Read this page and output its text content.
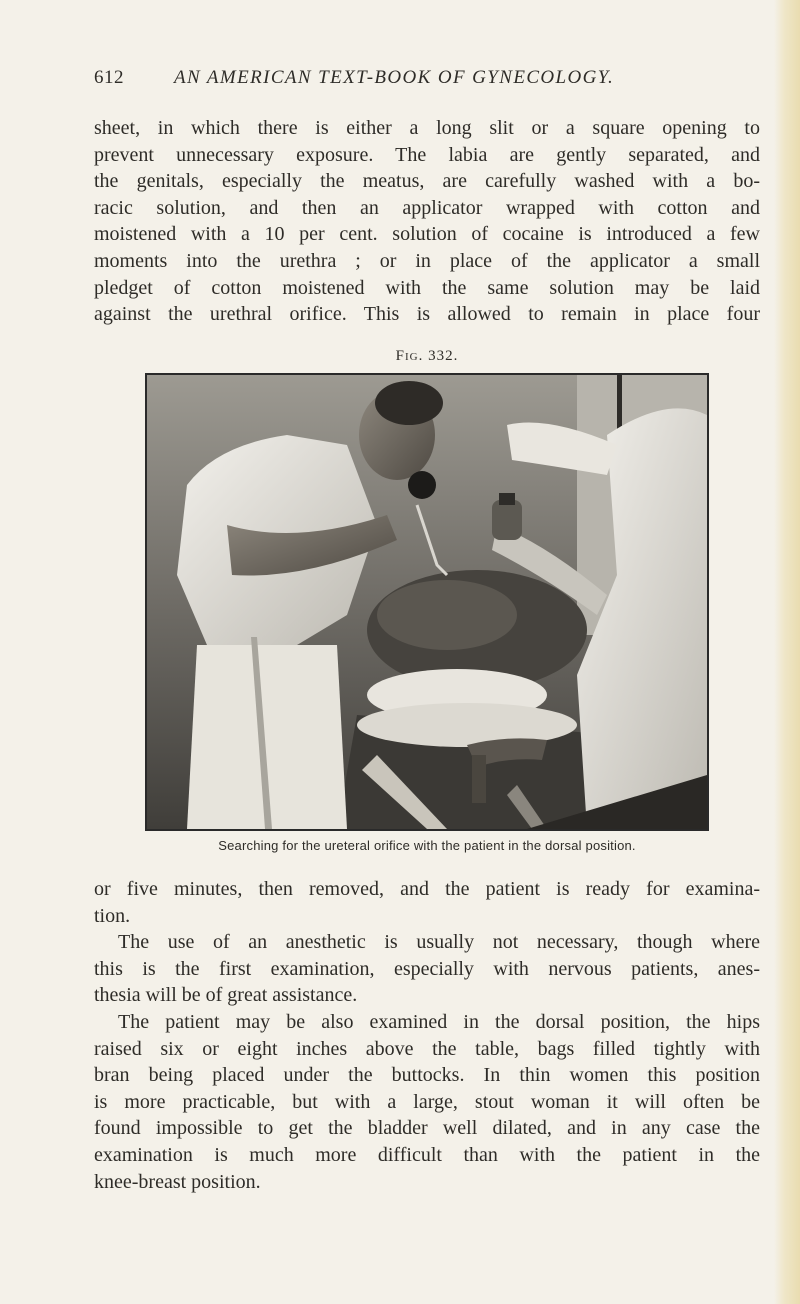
612	AN AMERICAN TEXT-BOOK OF GYNECOLOGY.
sheet, in which there is either a long slit or a square opening to
prevent unnecessary exposure. The labia are gently separated, and
the genitals, especially the meatus, are carefully washed with a bo-
racic solution, and then an applicator wrapped with cotton and
moistened with a 10 per cent. solution of cocaine is introduced a few
moments into the urethra ; or in place of the applicator a small
pledget of cotton moistened with the same solution may be laid
against the urethral orifice. This is allowed to remain in place four
Fig. 332.
Searching for the ureteral orifice with the patient in the dorsal position.
or five minutes, then removed, and the patient is ready for examina-
tion.
The use of an anesthetic is usually not necessary, though where
this is the first examination, especially with nervous patients, anes-
thesia will be of great assistance.
The patient may be also examined in the dorsal position, the hips
raised six or eight inches above the table, bags filled tightly with
bran being placed under the buttocks. In thin women this position
is more practicable, but with a large, stout woman it will often be
found impossible to get the bladder well dilated, and in any case the
examination is much more difficult than with the patient in the
knee-breast position.
